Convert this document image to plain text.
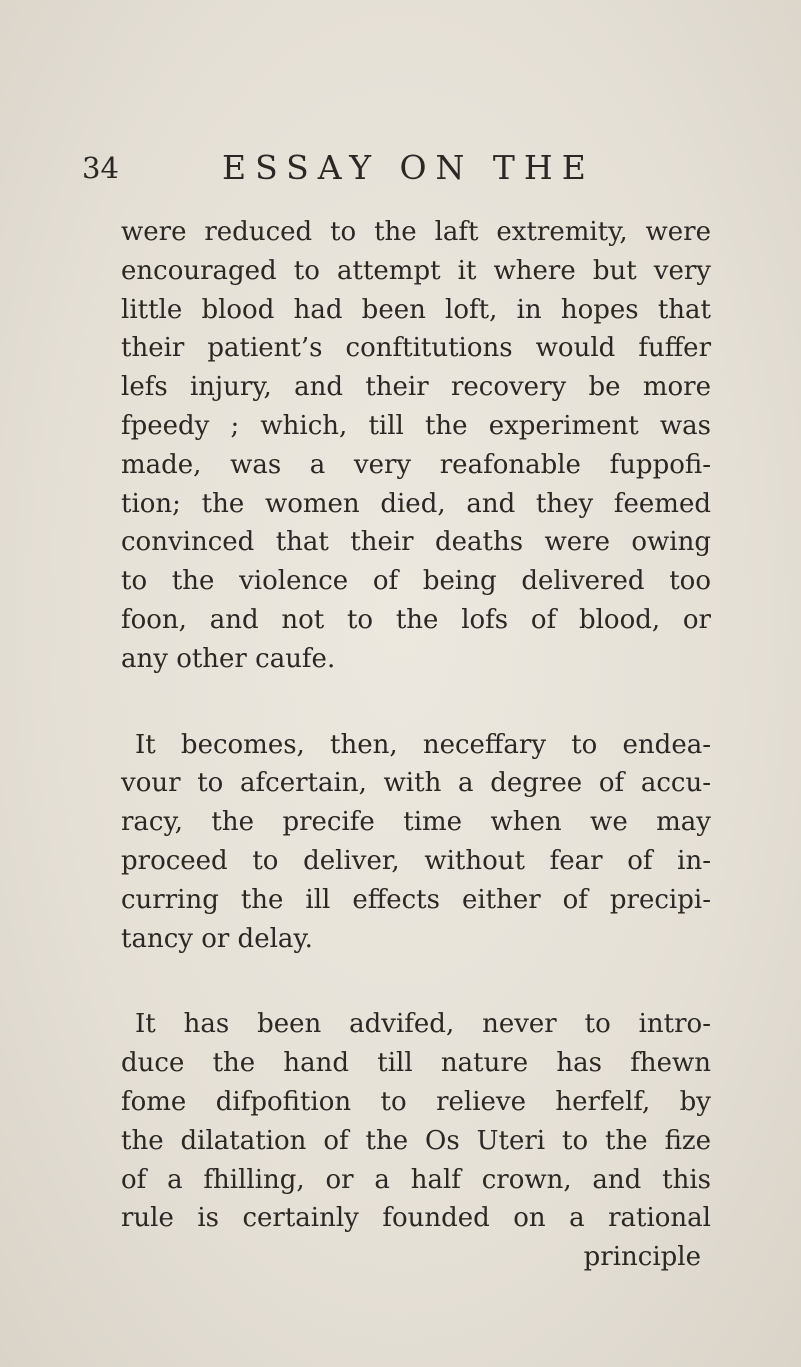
34	ESSAY ON THE
were reduced to the laft extremity, were
encouraged to attempt it where but very
little blood had been loft, in hopes that
their patient’s conftitutions would fuffer
lefs injury, and their recovery be more
fpeedy ; which, till the experiment was
made, was a very reafonable fuppofi-
tion; the women died, and they feemed
convinced that their deaths were owing
to the violence of being delivered too
foon, and not to the lofs of blood, or
any other caufe.
It becomes, then, neceffary to endea-
vour to afcertain, with a degree of accu-
racy, the precife time when we may
proceed to deliver, without fear of in-
curring the ill effects either of precipi-
tancy or delay.
It has been advifed, never to intro-
duce the hand till nature has fhewn
fome difpofition to relieve herfelf, by
the dilatation of the Os Uteri to the fize
of a fhilling, or a half crown, and this
rule is certainly founded on a rational
principle
